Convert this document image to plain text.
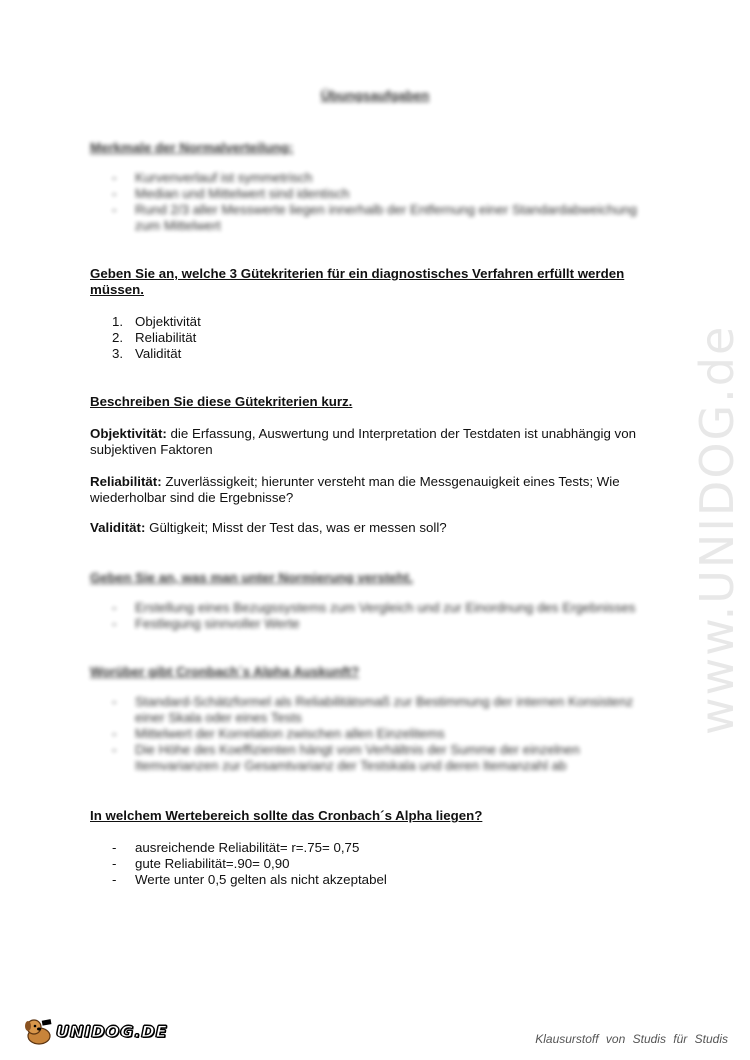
www.UNIDOG.de
Übungsaufgaben
Merkmale der Normalverteilung:
- Kurvenverlauf ist symmetrisch
- Median und Mittelwert sind identisch
- Rund 2/3 aller Messwerte liegen innerhalb der Entfernung einer Standardabweichung zum Mittelwert
Geben Sie an, welche 3 Gütekriterien für ein diagnostisches Verfahren erfüllt werden müssen.
1. Objektivität
2. Reliabilität
3. Validität
Beschreiben Sie diese Gütekriterien kurz.
Objektivität: die Erfassung, Auswertung und Interpretation der Testdaten ist unabhängig von subjektiven Faktoren
Reliabilität: Zuverlässigkeit; hierunter versteht man die Messgenauigkeit eines Tests; Wie wiederholbar sind die Ergebnisse?
Validität: Gültigkeit; Misst der Test das, was er messen soll?
Geben Sie an, was man unter Normierung versteht.
- Erstellung eines Bezugssystems zum Vergleich und zur Einordnung des Ergebnisses
- Festlegung sinnvoller Werte
Worüber gibt Cronbach´s Alpha Auskunft?
- Standard-Schätzformel als Reliabilitätsmaß zur Bestimmung der internen Konsistenz einer Skala oder eines Tests
- Mittelwert der Korrelation zwischen allen Einzelitems
- Die Höhe des Koeffizienten hängt vom Verhältnis der Summe der einzelnen Itemvarianzen zur Gesamtvarianz der Testskala und deren Itemanzahl ab
In welchem Wertebereich sollte das Cronbach´s Alpha liegen?
- ausreichende Reliabilität= r=.75= 0,75
- gute Reliabilität=.90= 0,90
- Werte unter 0,5 gelten als nicht akzeptabel
UNIDOG.DE	Klausurstoff von Studis für Studis
